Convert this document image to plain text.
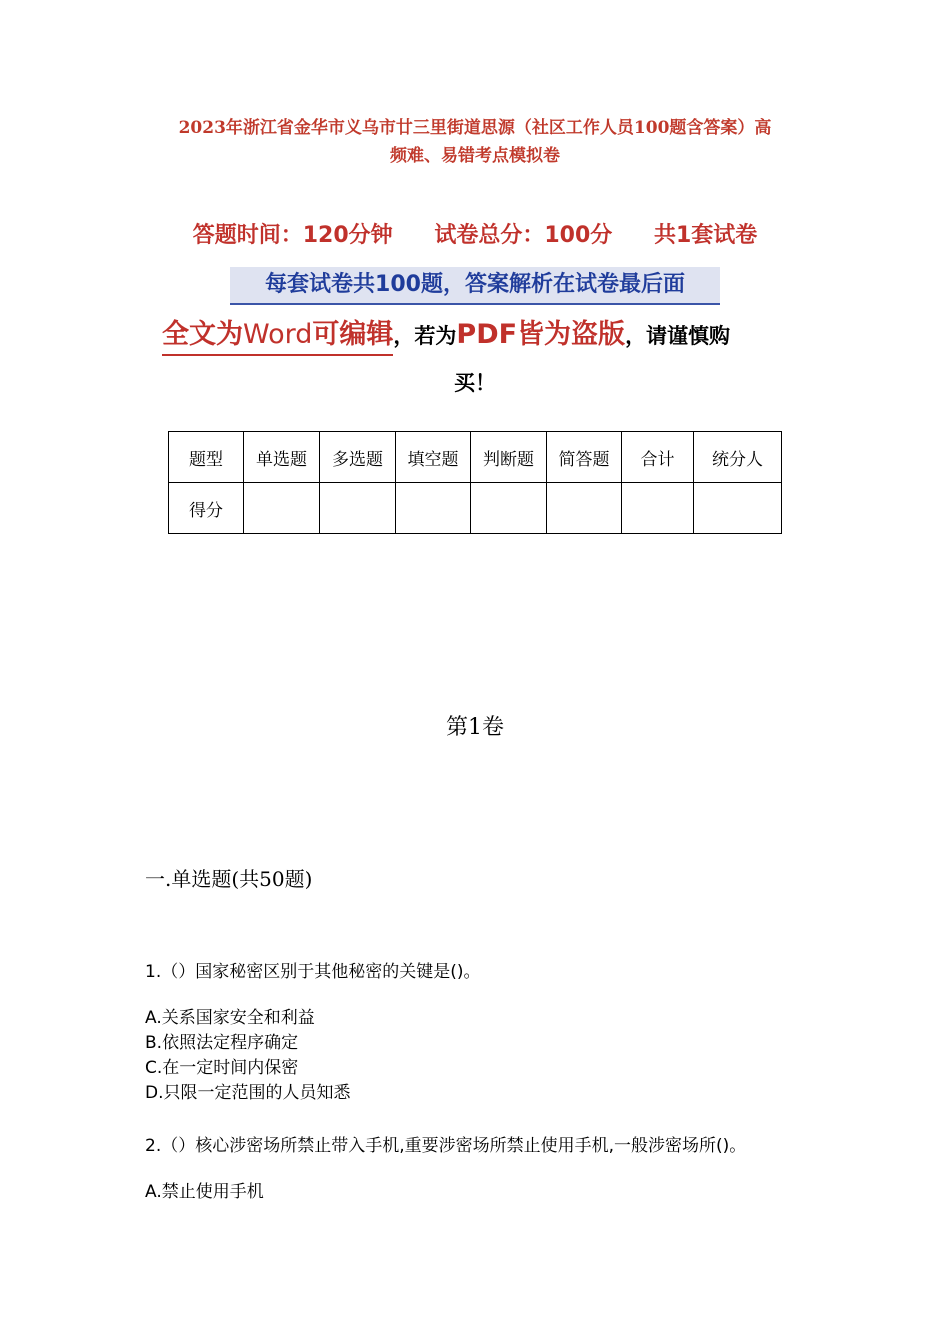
2023年浙江省金华市义乌市廿三里街道思源（社区工作人员100题含答案）高
频难、易错考点模拟卷
答题时间：120分钟 试卷总分：100分 共1套试卷
每套试卷共100题，答案解析在试卷最后面
全文为Word可编辑，若为PDF皆为盗版，请谨慎购
买！
题型	单选题	多选题	填空题	判断题	简答题	合计	统分人
得分							
第1卷
一.单选题(共50题)
1.（）国家秘密区别于其他秘密的关键是()。
A.关系国家安全和利益
B.依照法定程序确定
C.在一定时间内保密
D.只限一定范围的人员知悉
2.（）核心涉密场所禁止带入手机,重要涉密场所禁止使用手机,一般涉密场所()。
A.禁止使用手机
